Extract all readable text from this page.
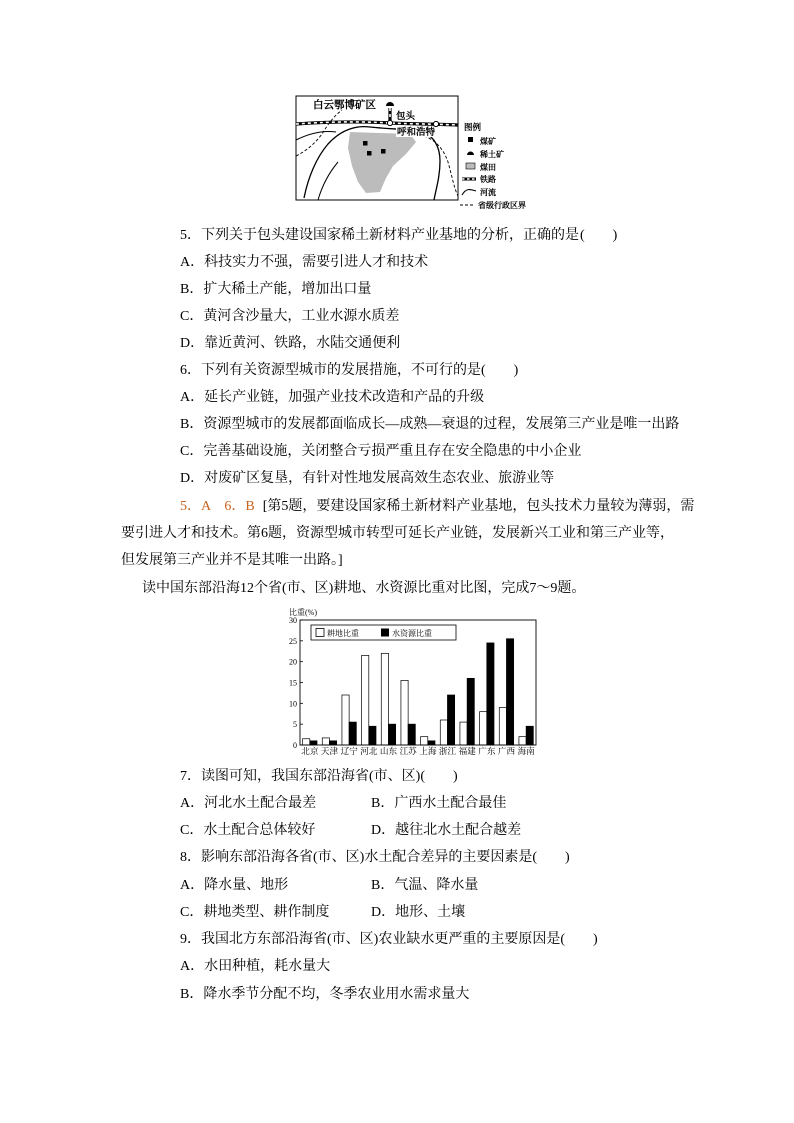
白云鄂博矿区
包头
呼和浩特
图例
煤矿
稀土矿
煤田
铁路
河流
省级行政区界
5．下列关于包头建设国家稀土新材料产业基地的分析，正确的是 (　　)
A．科技实力不强，需要引进人才和技术
B．扩大稀土产能，增加出口量
C．黄河含沙量大，工业水源水质差
D．靠近黄河、铁路，水陆交通便利
6．下列有关资源型城市的发展措施，不可行的是(　　)
A．延长产业链，加强产业技术改造和产品的升级
B．资源型城市的发展都面临成长—成熟—衰退的过程，发展第三产业是唯一出路
C．完善基础设施，关闭整合亏损严重且存在安全隐患的中小企业
D．对废矿区复垦，有针对性地发展高效生态农业、旅游业等
5．A　6．B [第5题，要建设国家稀土新材料产业基地，包头技术力量较为薄弱，需
要引进人才和技术。第6题，资源型城市转型可延长产业链，发展新兴工业和第三产业等，
但发展第三产业并不是其唯一出路。]
读中国东部沿海12个省(市、区)耕地、水资源比重对比图，完成7～9题。
比重(%)
0
5
10
15
20
25
30
耕地比重	水资源比重
北京 天津 辽宁 河北 山东 江苏 上海 浙江 福建 广东 广西 海南
7．读图可知，我国东部沿海省(市、区)(　　)
A．河北水土配合最差	B．广西水土配合最佳
C．水土配合总体较好	D．越往北水土配合越差
8．影响东部沿海各省(市、区)水土配合差异的主要因素是(　　)
A．降水量、地形	B．气温、降水量
C．耕地类型、耕作制度	D．地形、土壤
9．我国北方东部沿海省(市、区)农业缺水更严重的主要原因是(　　)
A．水田种植，耗水量大
B．降水季节分配不均，冬季农业用水需求量大
